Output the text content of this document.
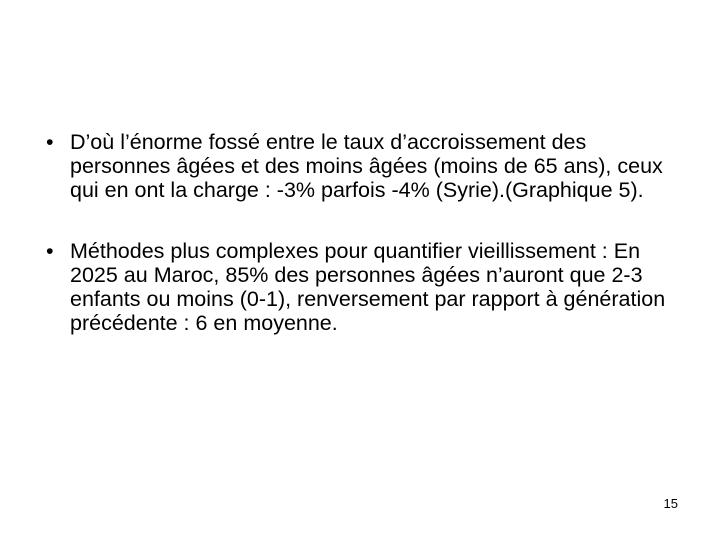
• D’où l’énorme fossé entre le taux d’accroissement des personnes âgées et des moins âgées (moins de 65 ans), ceux qui en ont la charge : -3% parfois -4% (Syrie).(Graphique 5).
• Méthodes plus complexes pour quantifier vieillissement : En 2025 au Maroc, 85% des personnes âgées n’auront que 2-3 enfants ou moins (0-1), renversement par rapport à génération précédente : 6 en moyenne.
15
